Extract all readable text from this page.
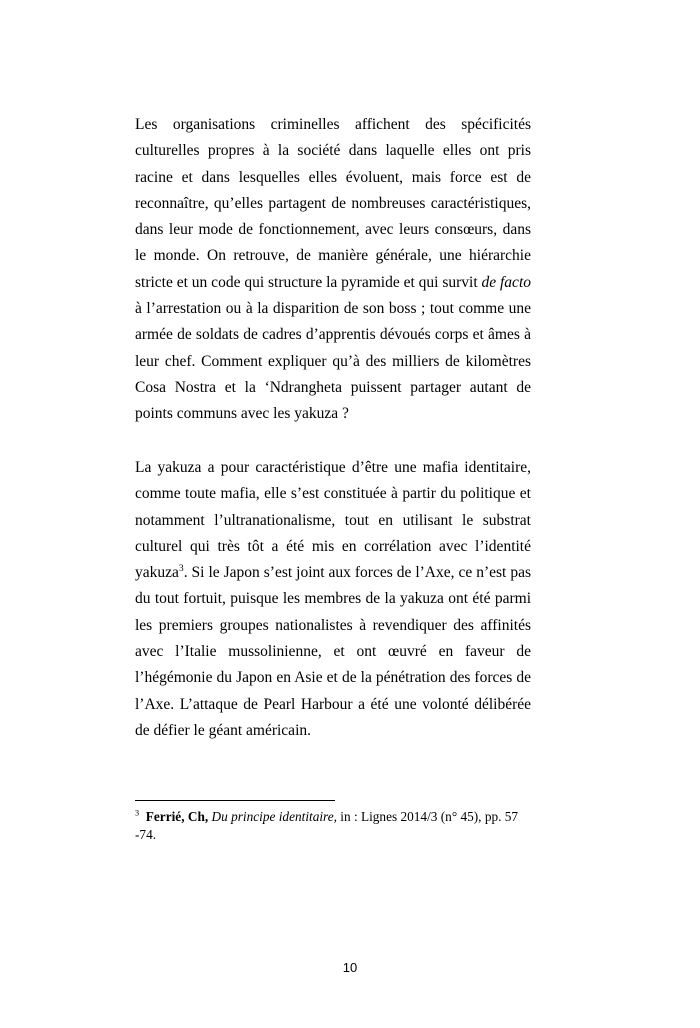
Les organisations criminelles affichent des spécificités culturelles propres à la société dans laquelle elles ont pris racine et dans lesquelles elles évoluent, mais force est de reconnaître, qu’elles partagent de nombreuses caractéristiques, dans leur mode de fonctionnement, avec leurs consœurs, dans le monde. On retrouve, de manière générale, une hiérarchie stricte et un code qui structure la pyramide et qui survit de facto à l’arrestation ou à la disparition de son boss ; tout comme une armée de soldats de cadres d’apprentis dévoués corps et âmes à leur chef. Comment expliquer qu’à des milliers de kilomètres Cosa Nostra et la ‘Ndrangheta puissent partager autant de points communs avec les yakuza ?

La yakuza a pour caractéristique d’être une mafia identitaire, comme toute mafia, elle s’est constituée à partir du politique et notamment l’ultranationalisme, tout en utilisant le substrat culturel qui très tôt a été mis en corrélation avec l’identité yakuza$^3$. Si le Japon s’est joint aux forces de l’Axe, ce n’est pas du tout fortuit, puisque les membres de la yakuza ont été parmi les premiers groupes nationalistes à revendiquer des affinités avec l’Italie mussolinienne, et ont œuvré en faveur de l’hégémonie du Japon en Asie et de la pénétration des forces de l’Axe. L’attaque de Pearl Harbour a été une volonté délibérée de défier le géant américain.

$^3$ Ferrié, Ch, Du principe identitaire, in : Lignes 2014/3 (n° 45), pp. 57 -74.

10
